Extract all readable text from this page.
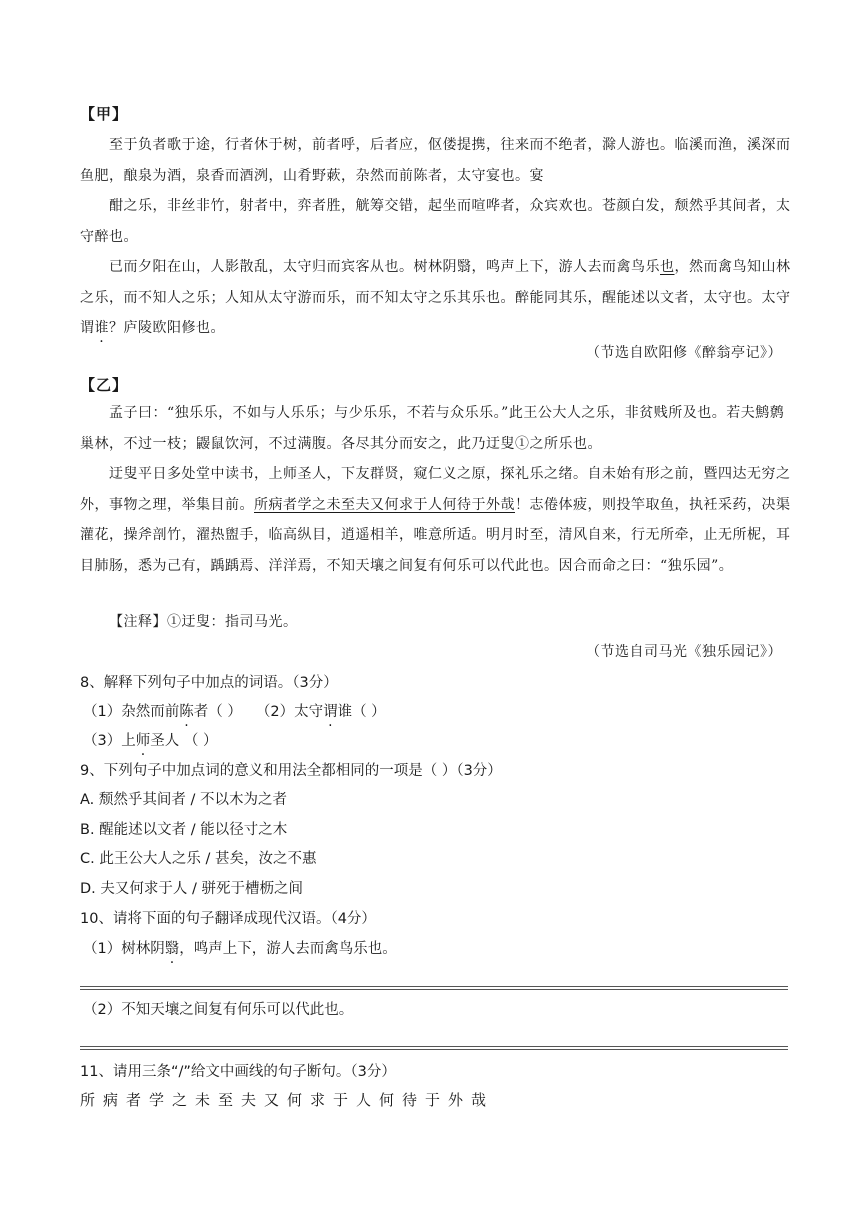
【甲】

至于负者歌于途，行者休于树，前者呼，后者应，伛偻提携，往来而不绝者，滁人游也。临溪而渔，溪深而鱼肥，酿泉为酒，泉香而酒洌，山肴野蔌，杂然而前陈者，太守宴也。宴

酣之乐，非丝非竹，射者中，弈者胜，觥筹交错，起坐而喧哗者，众宾欢也。苍颜白发，颓然乎其间者，太守醉也。

已而夕阳在山，人影散乱，太守归而宾客从也。树林阴翳，鸣声上下，游人去而禽鸟乐也，然而禽鸟知山林之乐，而不知人之乐；人知从太守游而乐，而不知太守之乐其乐也。醉能同其乐，醒能述以文者，太守也。太守谓谁？庐陵欧阳修也。

（节选自欧阳修《醉翁亭记》）
【乙】

孟子曰：“独乐乐，不如与人乐乐；与少乐乐，不若与众乐乐。”此王公大人之乐，非贫贱所及也。若夫鹪鹩巢林，不过一枝；鼹鼠饮河，不过满腹。各尽其分而安之，此乃迂叟①之所乐也。

迂叟平日多处堂中读书，上师圣人，下友群贤，窥仁义之原，探礼乐之绪。自未始有形之前，暨四达无穷之外，事物之理，举集目前。所病者学之未至夫又何求于人何待于外哉！志倦体疲，则投竿取鱼，执衽采药，决渠灌花，操斧剖竹，濯热盥手，临高纵目，逍遥相羊，唯意所适。明月时至，清风自来，行无所牵，止无所柅，耳目肺肠，悉为己有，踽踽焉、洋洋焉，不知天壤之间复有何乐可以代此也。因合而命之曰：“独乐园”。

【注释】①迂叟：指司马光。
（节选自司马光《独乐园记》）
8、解释下列句子中加点的词语。（3分）
（1）杂然而前陈者（ ） （2）太守谓谁（ ）
（3）上师圣人 （ ）
9、下列句子中加点词的意义和用法全都相同的一项是（ ）（3分）
A. 颓然乎其间者 / 不以木为之者
B. 醒能述以文者 / 能以径寸之木
C. 此王公大人之乐 / 甚矣，汝之不惠
D. 夫又何求于人 / 骈死于槽枥之间
10、请将下面的句子翻译成现代汉语。（4分）
（1）树林阴翳，鸣声上下，游人去而禽鸟乐也。
（2）不知天壤之间复有何乐可以代此也。
11、请用三条“/”给文中画线的句子断句。（3分）
所病者学之未至夫又何求于人何待于外哉
